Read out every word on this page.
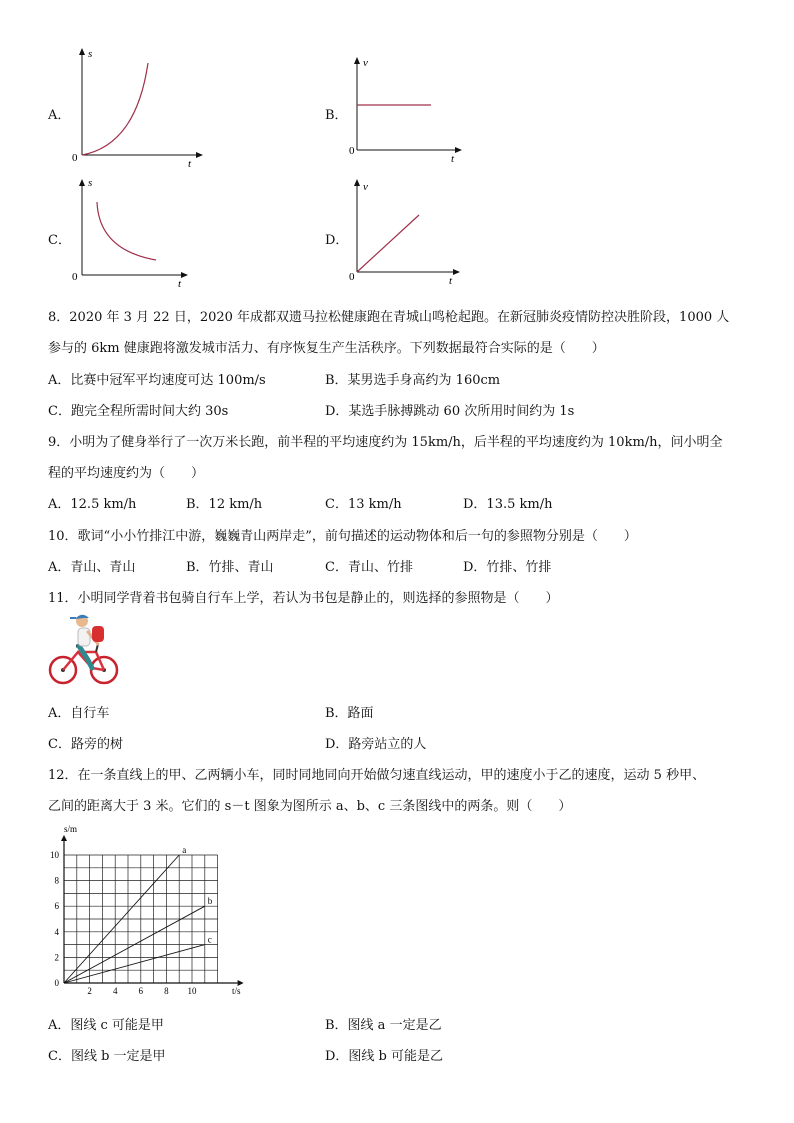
A．
s
t
0
B．
v
t
0
C．
s
t
0
D．
v
t
0
8．2020 年 3 月 22 日，2020 年成都双遗马拉松健康跑在青城山鸣枪起跑。在新冠肺炎疫情防控决胜阶段，1000 人
参与的 6km 健康跑将激发城市活力、有序恢复生产生活秩序。下列数据最符合实际的是（　　）
A．比赛中冠军平均速度可达 100m/s	B．某男选手身高约为 160cm
C．跑完全程所需时间大约 30s	D．某选手脉搏跳动 60 次所用时间约为 1s
9．小明为了健身举行了一次万米长跑，前半程的平均速度约为 15km/h，后半程的平均速度约为 10km/h，问小明全
程的平均速度约为（　　）
A．12.5 km/h	B．12 km/h	C．13 km/h	D．13.5 km/h
10．歌词“小小竹排江中游，巍巍青山两岸走”，前句描述的运动物体和后一句的参照物分别是（　　）
A．青山、青山	B．竹排、青山	C．青山、竹排	D．竹排、竹排
11．小明同学背着书包骑自行车上学，若认为书包是静止的，则选择的参照物是（　　）
A．自行车	B．路面
C．路旁的树	D．路旁站立的人
12．在一条直线上的甲、乙两辆小车，同时同地同向开始做匀速直线运动，甲的速度小于乙的速度，运动 5 秒甲、
乙间的距离大于 3 米。它们的 s－t 图象为图所示 a、b、c 三条图线中的两条。则（　　）
a
b
c
2 4 6 8 10
0
2
4
6
8
10
s/m
t/s
A．图线 c 可能是甲	B．图线 a 一定是乙
C．图线 b 一定是甲	D．图线 b 可能是乙
